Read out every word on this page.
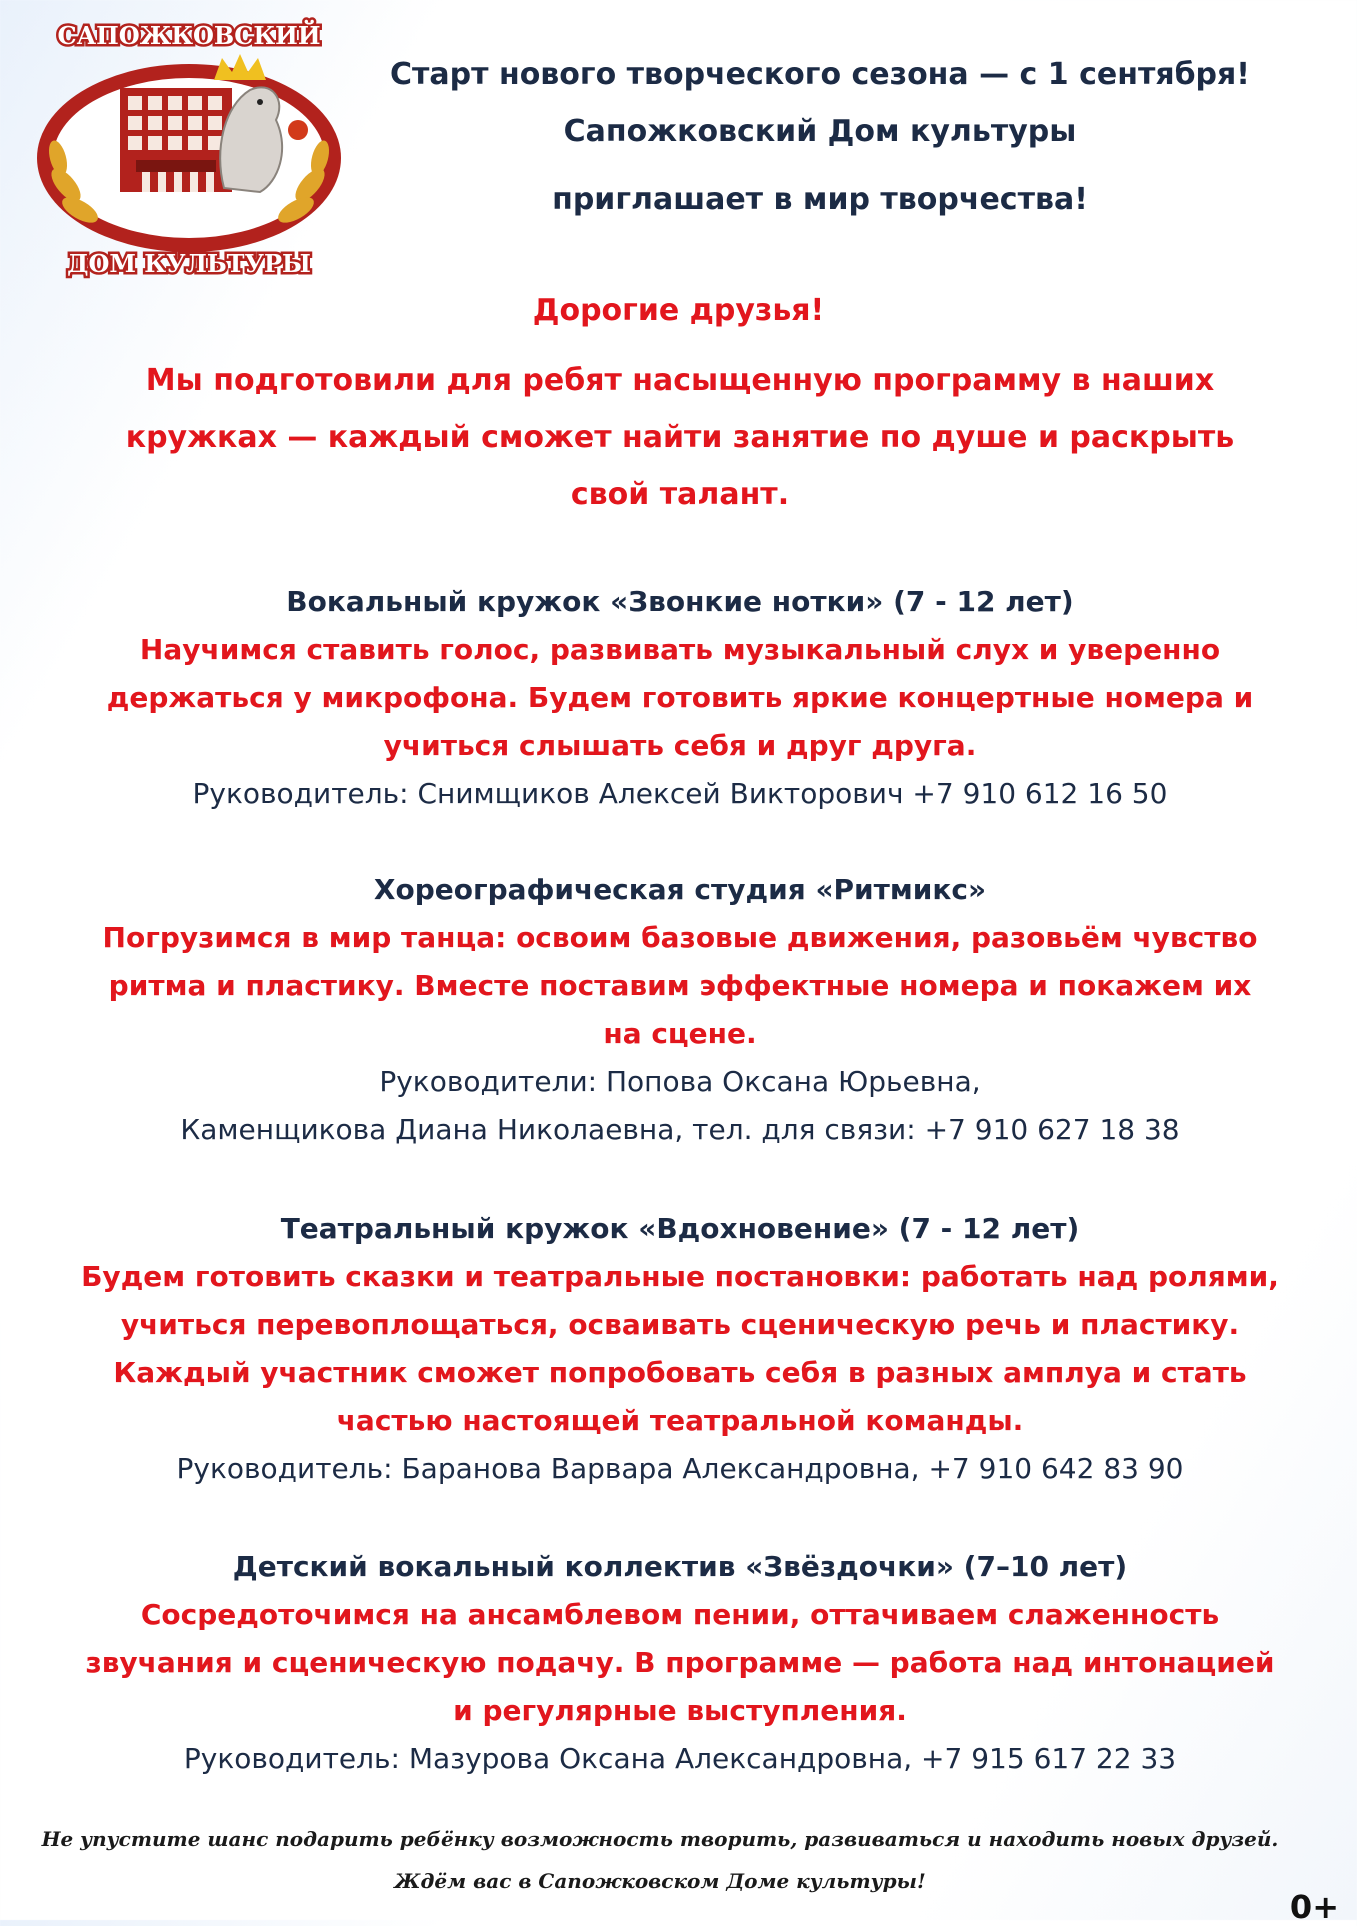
САПОЖКОВСКИЙ
ДОМ КУЛЬТУРЫ
Старт нового творческого сезона — с 1 сентября!
Сапожковский Дом культуры
приглашает в мир творчества!
Дорогие друзья!
Мы подготовили для ребят насыщенную программу в наших
кружках — каждый сможет найти занятие по душе и раскрыть
свой талант.
Вокальный кружок «Звонкие нотки» (7 - 12 лет)
Научимся ставить голос, развивать музыкальный слух и уверенно
держаться у микрофона. Будем готовить яркие концертные номера и
учиться слышать себя и друг друга.
Руководитель: Снимщиков Алексей Викторович +7 910 612 16 50
Хореографическая студия «Ритмикс»
Погрузимся в мир танца: освоим базовые движения, разовьём чувство
ритма и пластику. Вместе поставим эффектные номера и покажем их
на сцене.
Руководители: Попова Оксана Юрьевна,
Каменщикова Диана Николаевна, тел. для связи: +7 910 627 18 38
Театральный кружок «Вдохновение» (7 - 12 лет)
Будем готовить сказки и театральные постановки: работать над ролями,
учиться перевоплощаться, осваивать сценическую речь и пластику.
Каждый участник сможет попробовать себя в разных амплуа и стать
частью настоящей театральной команды.
Руководитель: Баранова Варвара Александровна, +7 910 642 83 90
Детский вокальный коллектив «Звёздочки» (7–10 лет)
Сосредоточимся на ансамблевом пении, оттачиваем слаженность
звучания и сценическую подачу. В программе — работа над интонацией
и регулярные выступления.
Руководитель: Мазурова Оксана Александровна, +7 915 617 22 33
Не упустите шанс подарить ребёнку возможность творить, развиваться и находить новых друзей.
Ждём вас в Сапожковском Доме культуры!
0+
